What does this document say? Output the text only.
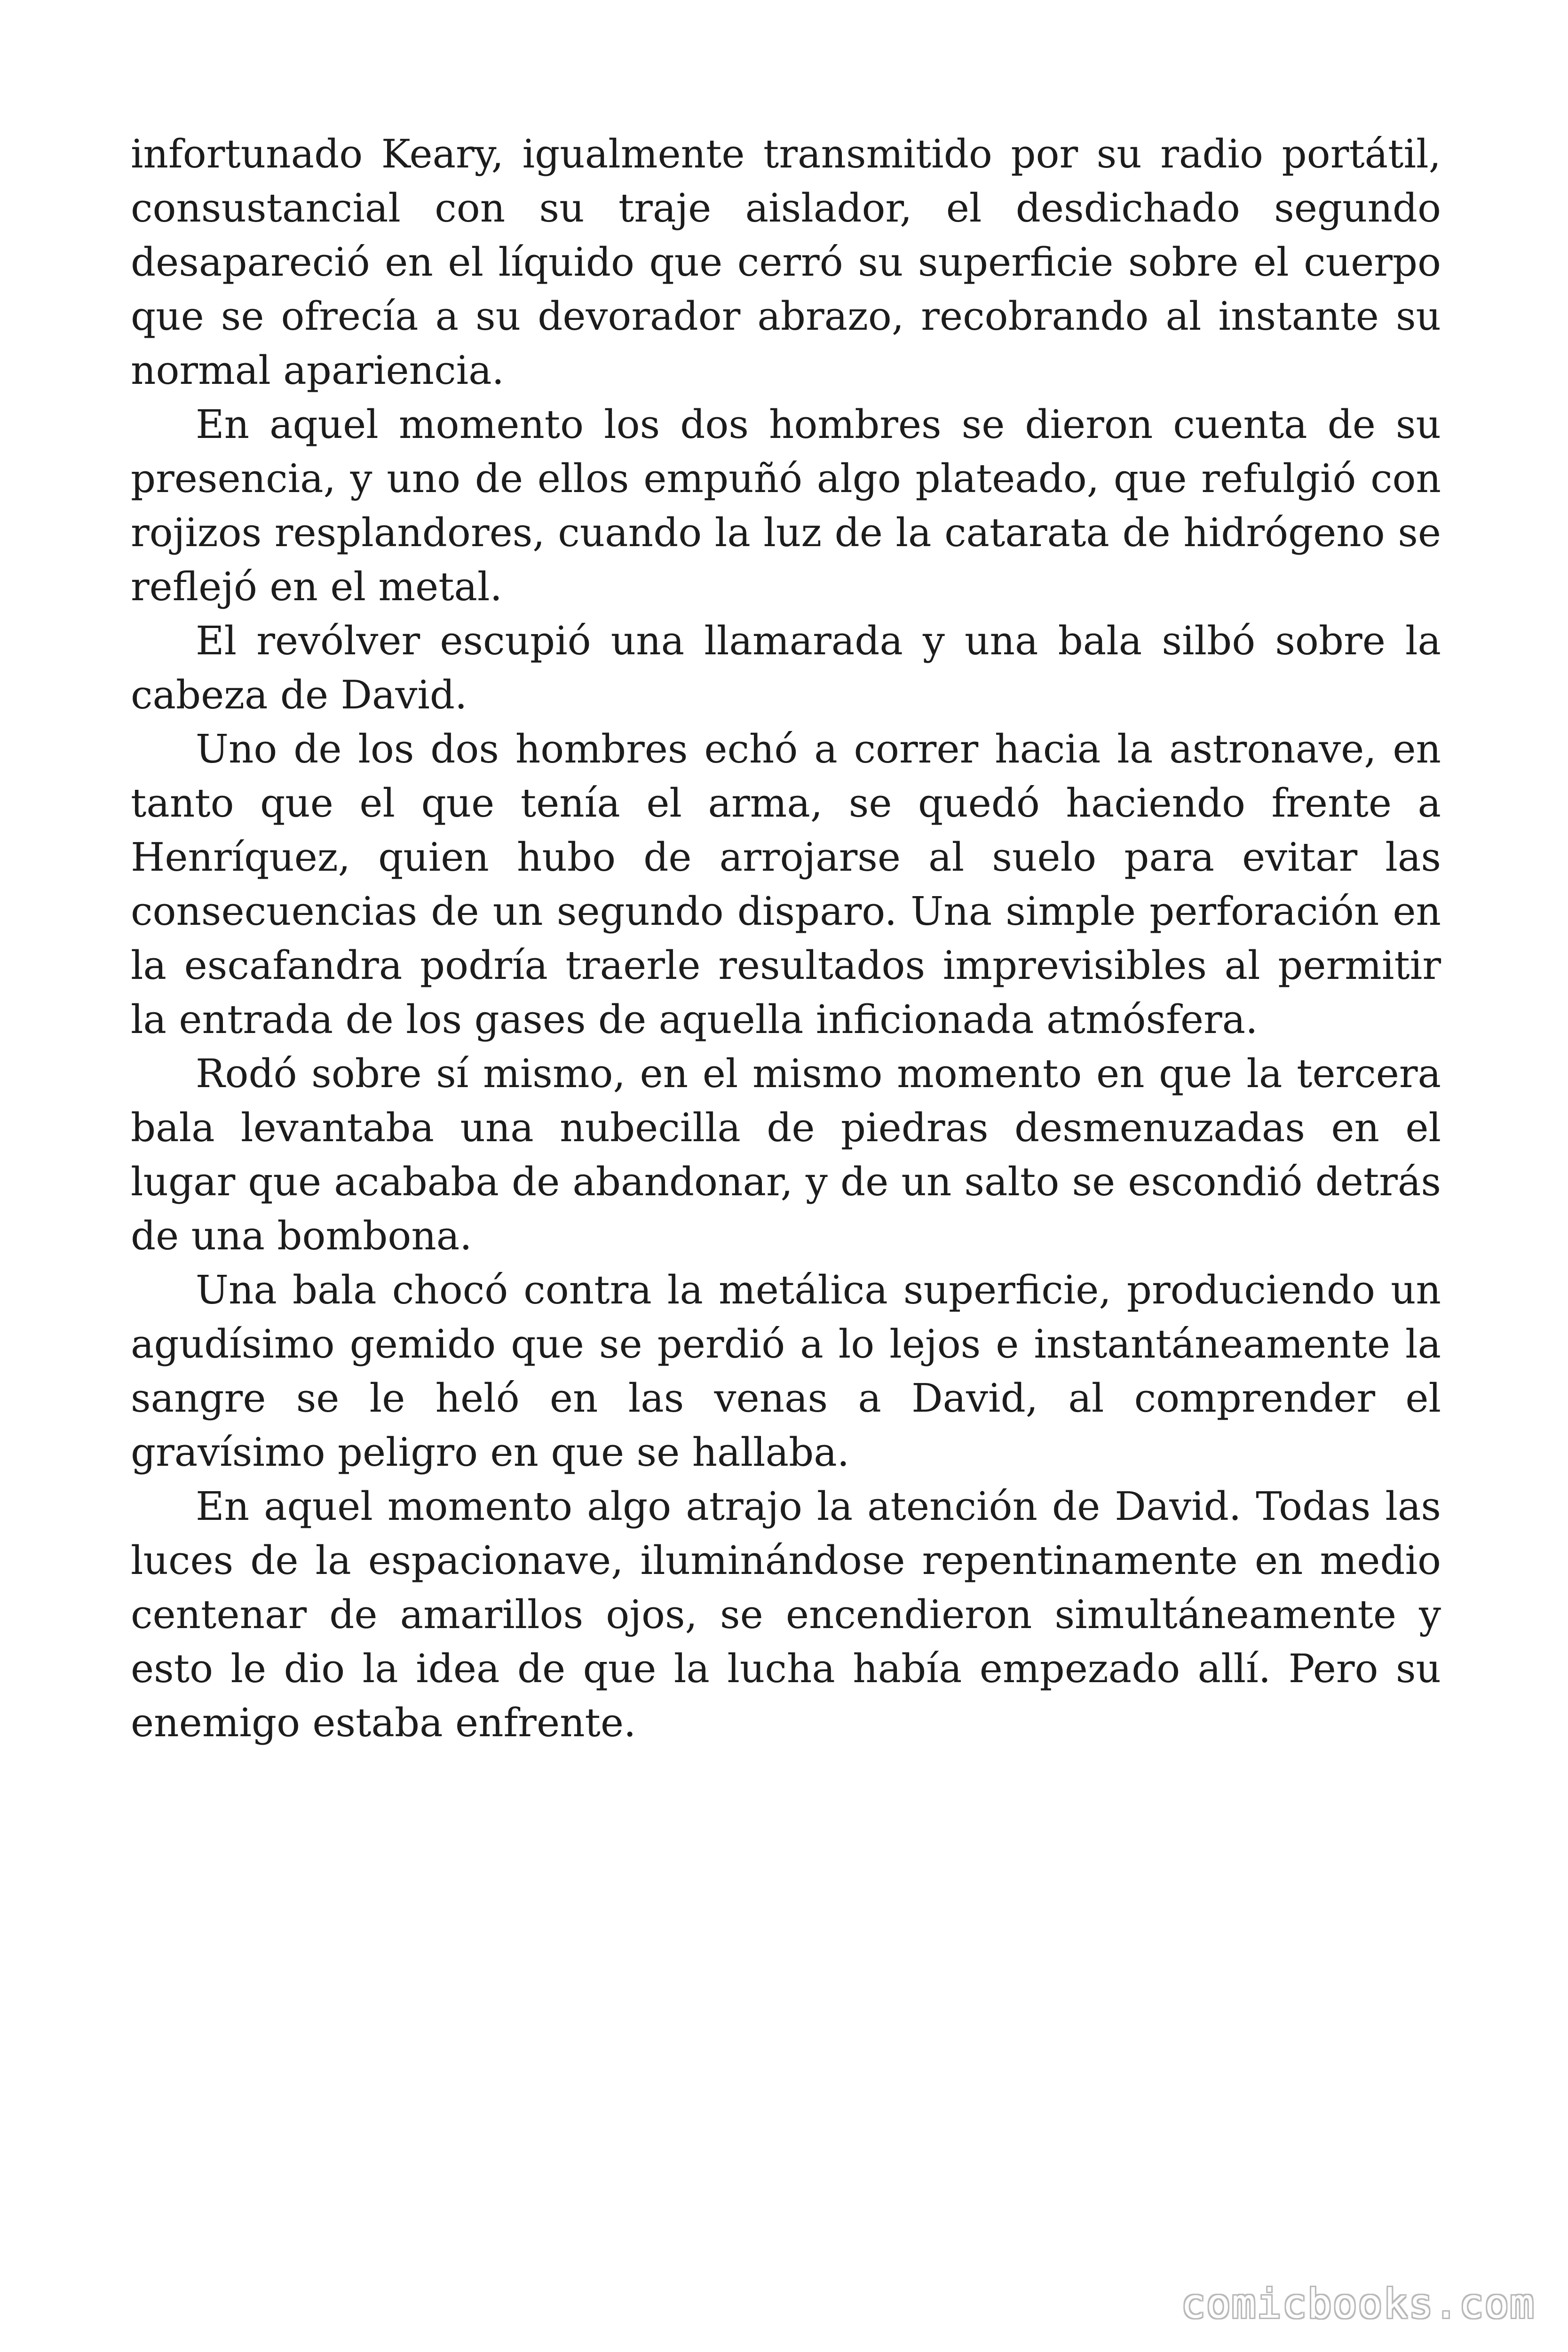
infortunado Keary, igualmente transmitido por su radio portátil, consustancial con su traje aislador, el desdichado segundo desapareció en el líquido que cerró su superficie sobre el cuerpo que se ofrecía a su devorador abrazo, recobrando al instante su normal apariencia.

En aquel momento los dos hombres se dieron cuenta de su presencia, y uno de ellos empuñó algo plateado, que refulgió con rojizos resplandores, cuando la luz de la catarata de hidrógeno se reflejó en el metal.

El revólver escupió una llamarada y una bala silbó sobre la cabeza de David.

Uno de los dos hombres echó a correr hacia la astronave, en tanto que el que tenía el arma, se quedó haciendo frente a Henríquez, quien hubo de arrojarse al suelo para evitar las consecuencias de un segundo disparo. Una simple perforación en la escafandra podría traerle resultados imprevisibles al permitir la entrada de los gases de aquella inficionada atmósfera.

Rodó sobre sí mismo, en el mismo momento en que la tercera bala levantaba una nubecilla de piedras desmenuzadas en el lugar que acababa de abandonar, y de un salto se escondió detrás de una bombona.

Una bala chocó contra la metálica superficie, produciendo un agudísimo gemido que se perdió a lo lejos e instantáneamente la sangre se le heló en las venas a David, al comprender el gravísimo peligro en que se hallaba.

En aquel momento algo atrajo la atención de David. Todas las luces de la espacionave, iluminándose repentinamente en medio centenar de amarillos ojos, se encendieron simultáneamente y esto le dio la idea de que la lucha había empezado allí. Pero su enemigo estaba enfrente.

comicbooks.com
